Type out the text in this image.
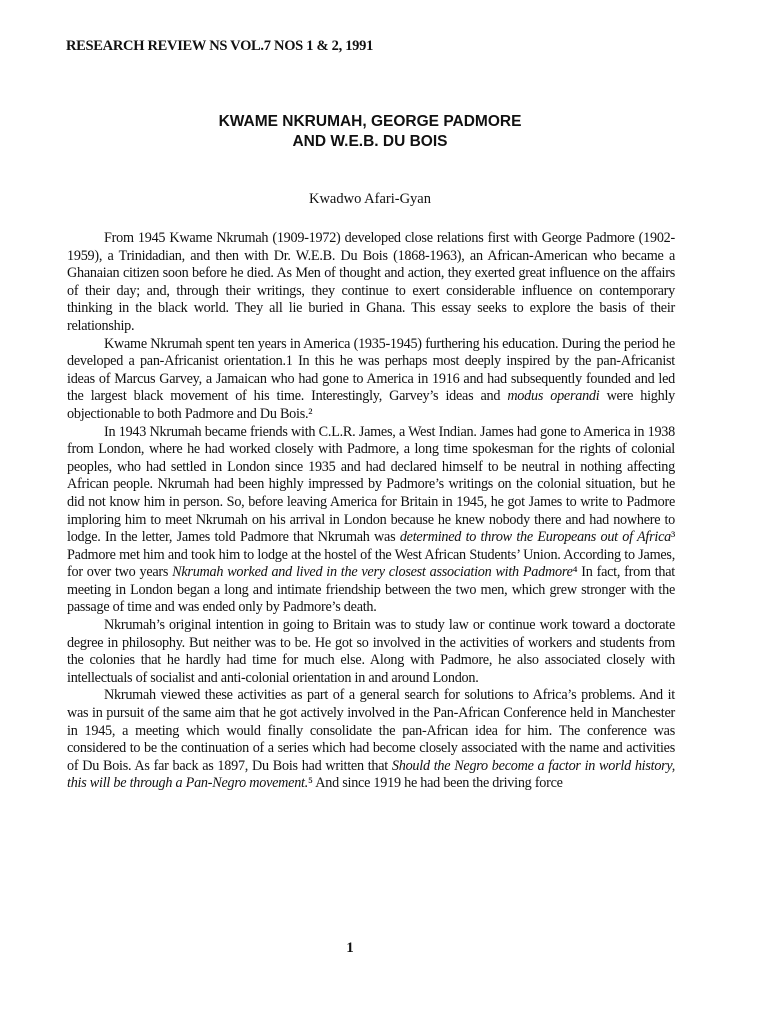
RESEARCH REVIEW NS VOL.7 NOS 1 & 2, 1991
KWAME NKRUMAH, GEORGE PADMORE
AND W.E.B. DU BOIS
Kwadwo Afari-Gyan

From 1945 Kwame Nkrumah (1909-1972) developed close relations first with George Padmore (1902-1959), a Trinidadian, and then with Dr. W.E.B. Du Bois (1868-1963), an African-American who became a Ghanaian citizen soon before he died. As Men of thought and action, they exerted great influence on the affairs of their day; and, through their writings, they continue to exert considerable influence on contemporary thinking in the black world. They all lie buried in Ghana. This essay seeks to explore the basis of their relationship.

Kwame Nkrumah spent ten years in America (1935-1945) furthering his education. During the period he developed a pan-Africanist orientation.1 In this he was perhaps most deeply inspired by the pan-Africanist ideas of Marcus Garvey, a Jamaican who had gone to America in 1916 and had subsequently founded and led the largest black movement of his time. Interestingly, Garvey’s ideas and modus operandi were highly objectionable to both Padmore and Du Bois.²

In 1943 Nkrumah became friends with C.L.R. James, a West Indian. James had gone to America in 1938 from London, where he had worked closely with Padmore, a long time spokesman for the rights of colonial peoples, who had settled in London since 1935 and had declared himself to be neutral in nothing affecting African people. Nkrumah had been highly impressed by Padmore’s writings on the colonial situation, but he did not know him in person. So, before leaving America for Britain in 1945, he got James to write to Padmore imploring him to meet Nkrumah on his arrival in London because he knew nobody there and had nowhere to lodge. In the letter, James told Padmore that Nkrumah was determined to throw the Europeans out of Africa³ Padmore met him and took him to lodge at the hostel of the West African Students’ Union. According to James, for over two years Nkrumah worked and lived in the very closest association with Padmore⁴ In fact, from that meeting in London began a long and intimate friendship between the two men, which grew stronger with the passage of time and was ended only by Padmore’s death.

Nkrumah’s original intention in going to Britain was to study law or continue work toward a doctorate degree in philosophy. But neither was to be. He got so involved in the activities of workers and students from the colonies that he hardly had time for much else. Along with Padmore, he also associated closely with intellectuals of socialist and anti-colonial orientation in and around London.

Nkrumah viewed these activities as part of a general search for solutions to Africa’s problems. And it was in pursuit of the same aim that he got actively involved in the Pan-African Conference held in Manchester in 1945, a meeting which would finally consolidate the pan-African idea for him. The conference was considered to be the continuation of a series which had become closely associated with the name and activities of Du Bois. As far back as 1897, Du Bois had written that Should the Negro become a factor in world history, this will be through a Pan-Negro movement.⁵ And since 1919 he had been the driving force

1
